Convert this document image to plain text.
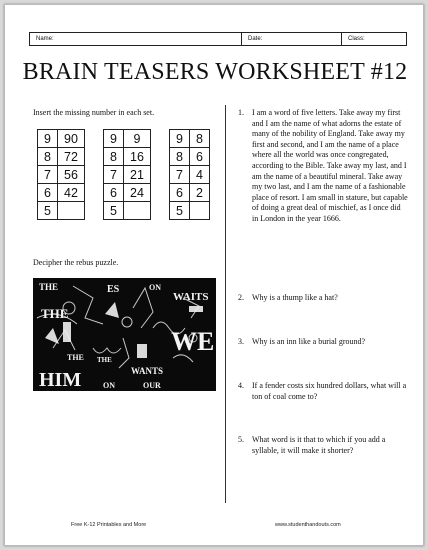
Name:	Date:	Class:
BRAIN TEASERS WORKSHEET #12
Insert the missing number in each set.
9	90
8	72
7	56
6	42
5	
9	9
8	16
7	21
6	24
5	
9	8
8	6
7	4
6	2
5	
Decipher the rebus puzzle.
THE	ES
WAITS
ON
THE
WE
HIM	WANTS
ON	OUR
THE
THE
1.	I am a word of five letters. Take away my first and I am the name of what adorns the estate of many of the nobility of England. Take away my first and second, and I am the name of a place where all the world was once congregated, according to the Bible. Take away my last, and I am the name of a beautiful mineral. Take away my two last, and I am the name of a fashionable place of resort. I am small in stature, but capable of doing a great deal of mischief, as I once did in London in the year 1666.
2.	Why is a thump like a hat?
3.	Why is an inn like a burial ground?
4.	If a fender costs six hundred dollars, what will a ton of coal come to?
5.	What word is it that to which if you add a syllable, it will make it shorter?
Free K-12 Printables and More	www.studenthandouts.com
